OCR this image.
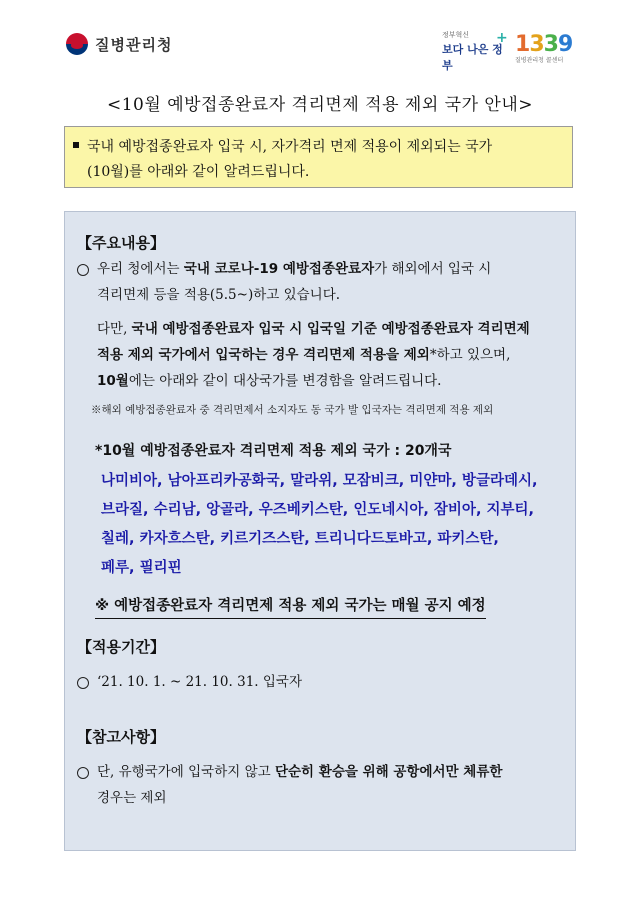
질병관리청
정부혁신
보다 나은 정부
+ 1339
질병관리청 콜센터
<10월 예방접종완료자 격리면제 적용 제외 국가 안내>

국내 예방접종완료자 입국 시, 자가격리 면제 적용이 제외되는 국가

(10월)를 아래와 같이 알려드립니다.

【주요내용】
우리 청에서는 국내 코로나-19 예방접종완료자가 해외에서 입국 시
격리면제 등을 적용(5.5~)하고 있습니다.
다만, 국내 예방접종완료자 입국 시 입국일 기준 예방접종완료자 격리면제
적용 제외 국가에서 입국하는 경우 격리면제 적용을 제외*하고 있으며,
10월에는 아래와 같이 대상국가를 변경함을 알려드립니다.
※해외 예방접종완료자 중 격리면제서 소지자도 동 국가 발 입국자는 격리면제 적용 제외
*10월 예방접종완료자 격리면제 적용 제외 국가 : 20개국
나미비아, 남아프리카공화국, 말라위, 모잠비크, 미얀마, 방글라데시,
브라질, 수리남, 앙골라, 우즈베키스탄, 인도네시아, 잠비아, 지부티,
칠레, 카자흐스탄, 키르기즈스탄, 트리니다드토바고, 파키스탄,
페루, 필리핀
※ 예방접종완료자 격리면제 적용 제외 국가는 매월 공지 예정
【적용기간】
‘21. 10. 1. ~ 21. 10. 31. 입국자
【참고사항】
단, 유행국가에 입국하지 않고 단순히 환승을 위해 공항에서만 체류한
경우는 제외
